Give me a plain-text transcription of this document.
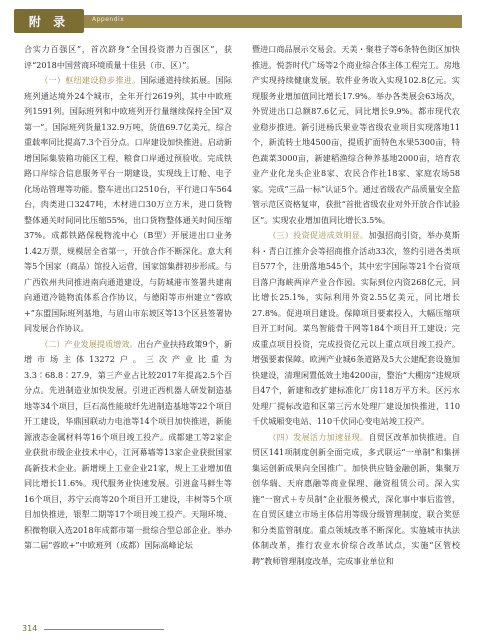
附 录	Appendix

合实力百强区”，首次跻身“全国投资潜力百强区”，获评“2018中国营商环境质量十佳县（市、区）”。

（一）枢纽建设稳步推进。国际通道持续拓展。国际班列通达境外24个城市，全年开行2619列，其中中欧班列1591列。国际班列和中欧班列开行量继续保持全国“双第一”。国际班列货量132.9万吨，货值69.7亿美元，综合重载率同比提高7.3个百分点。口岸建设加快推进。启动新增国际集装箱功能区工程，粮食口岸通过预验收。完成铁路口岸综合信息服务平台一期建设，实现线上订舱、电子化场站管理等功能。整车进出口2510台，平行进口车564台，肉类进口3247吨，木材进口30万立方米，进口货物整体通关时间同比压缩55%，出口货物整体通关时间压缩37%。成都铁路保税物流中心（B型）开展进出口业务1.42万票，规模居全省第一，开放合作不断深化。意大利等5个国家（商品）馆投入运营，国家馆集群初步形成。与广西钦州共同推进南向通道建设，与防城港市签署共建南向通道冷链物流体系合作协议，与德阳等市州建立“蓉欧+”东盟国际班列基地，与眉山市东坡区等13个区县签署协同发展合作协议。

（二）产业发展提质增效。出台产业扶持政策9个，新增市场主体13272户。三次产业比重为3.3∶68.8∶27.9，第三产业占比较2017年提高2.5个百分点。先进制造业加快发展。引进正西机器人研发制造基地等34个项目，巨石高性能玻纤先进制造基地等22个项目开工建设，华鼎国联动力电池等14个项目加快推进，新能源液态金属材料等16个项目竣工投产。成都建工等2家企业获批市级企业技术中心，江河幕墙等13家企业获批国家高新技术企业。新增规上工业企业21家，规上工业增加值同比增长11.6%。现代服务业快速发展。引进盒马鲜生等16个项目，苏宁云商等20个项目开工建设，丰树等5个项目加快推进，银犁二期等17个项目竣工投产。天翔环境、积微物联入选2018年成都市第一批综合型总部企业。举办第二届“蓉欧+”中欧班列（成都）国际高峰论坛

暨进口商品展示交易会。天美・聚巷子等6条特色街区加快推进。悦荟时代广场等2个商业综合体主体工程完工。房地产实现持续健康发展。软件业务收入实现102.8亿元。实现服务业增加值同比增长17.9%。举办各类展会63场次，外贸进出口总额87.6亿元，同比增长9.9%。都市现代农业稳步推进。新引进杨氏果业等省级农业项目实现落地11个，新流转土地4500亩，提质扩面特色水果5300亩，特色蔬菜3000亩，新建稻渔综合种养基地2000亩，培育农业产业化龙头企业8家、农民合作社18家、家庭农场58家。完成“三品一标”认证5个。通过省级农产品质量安全监管示范区资格复审，获批“首批省级农业对外开放合作试验区”。实现农业增加值同比增长3.5%。

（三）投资促进成效明显。加强招商引资，举办莫斯科・青白江推介会等招商推介活动33次，签约引进各类项目577个，注册落地545个，其中宏宇国际等21个台资项目落户海峡两岸产业合作园。实际到位内资268亿元，同比增长25.1%，实际利用外资2.55亿美元，同比增长27.8%。促进项目建设。保障项目要素投入，大幅压缩项目开工时间。菜鸟智能骨干网等184个项目开工建设；完成重点项目投资，完成投资亿元以上重点项目竣工投产。增强要素保障。欧洲产业城6条道路及5大公建配套设施加快建设，清理闲置低效土地4200亩，整治“大棚房”违规项目47个，新建和改扩建标准化厂房118万平方米。区污水处理厂提标改造和区第三污水处理厂建设加快推进，110千伏城厢变电站、110千伏同心变电站竣工投产。

（四）发展活力加速显现。自贸区改革加快推进。自贸区141项制度创新全面完成，多式联运“一单制”和集拼集运创新成果向全国推广。加快供应链金融创新，集聚万创华瑞、天府惠融等商业保理、融资租赁公司。深入实施“一窗式＋专员制”企业服务模式，深化事中事后监管，在自贸区建立市场主体信用等级分级管理制度，联合奖惩和分类监管制度。重点领域改革不断深化。实施城市执法体制改革，推行农业水价综合改革试点，实施“区管校聘”教师管理制度改革，完成事业单位和

314
